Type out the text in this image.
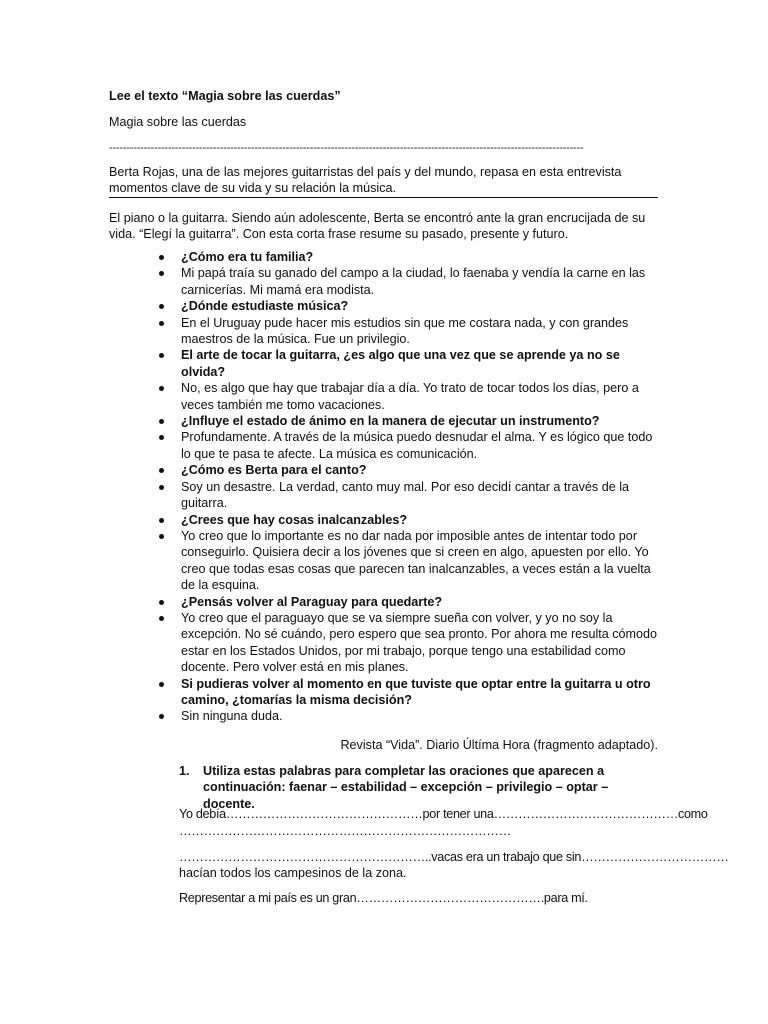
Lee el texto “Magia sobre las cuerdas”
Magia sobre las cuerdas
-----------------------------------------------------------------------------------------------------------------------------------------
Berta Rojas, una de las mejores guitarristas del país y del mundo, repasa en esta entrevista momentos clave de su vida y su relación la música.
El piano o la guitarra. Siendo aún adolescente, Berta se encontró ante la gran encrucijada de su vida. “Elegí la guitarra”. Con esta corta frase resume su pasado, presente y futuro.
¿Cómo era tu familia?
Mi papá traía su ganado del campo a la ciudad, lo faenaba y vendía la carne en las carnicerías. Mi mamá era modista.
¿Dónde estudiaste música?
En el Uruguay pude hacer mis estudios sin que me costara nada, y con grandes maestros de la música. Fue un privilegio.
El arte de tocar la guitarra, ¿es algo que una vez que se aprende ya no se olvida?
No, es algo que hay que trabajar día a día. Yo trato de tocar todos los días, pero a veces también me tomo vacaciones.
¿Influye el estado de ánimo en la manera de ejecutar un instrumento?
Profundamente. A través de la música puedo desnudar el alma. Y es lógico que todo lo que te pasa te afecte. La música es comunicación.
¿Cómo es Berta para el canto?
Soy un desastre. La verdad, canto muy mal. Por eso decidí cantar a través de la guitarra.
¿Crees que hay cosas inalcanzables?
Yo creo que lo importante es no dar nada por imposible antes de intentar todo por conseguirlo. Quisiera decir a los jóvenes que si creen en algo, apuesten por ello. Yo creo que todas esas cosas que parecen tan inalcanzables, a veces están a la vuelta de la esquina.
¿Pensás volver al Paraguay para quedarte?
Yo creo que el paraguayo que se va siempre sueña con volver, y yo no soy la excepción. No sé cuándo, pero espero que sea pronto. Por ahora me resulta cómodo estar en los Estados Unidos, por mi trabajo, porque tengo una estabilidad como docente. Pero volver está en mis planes.
Si pudieras volver al momento en que tuviste que optar entre la guitarra u otro camino, ¿tomarías la misma decisión?
Sin ninguna duda.
Revista “Vida”. Diario Últíma Hora (fragmento adaptado).
1. Utiliza estas palabras para completar las oraciones que aparecen a continuación: faenar – estabilidad – excepción – privilegio – optar – docente.
Yo debía…………………………………………por tener una………………………………………como
………………………………………………………………………
……………………………………………………..vacas era un trabajo que sin………………………………
hacían todos los campesinos de la zona.
Representar a mi país es un gran……………………………………….para mí.
